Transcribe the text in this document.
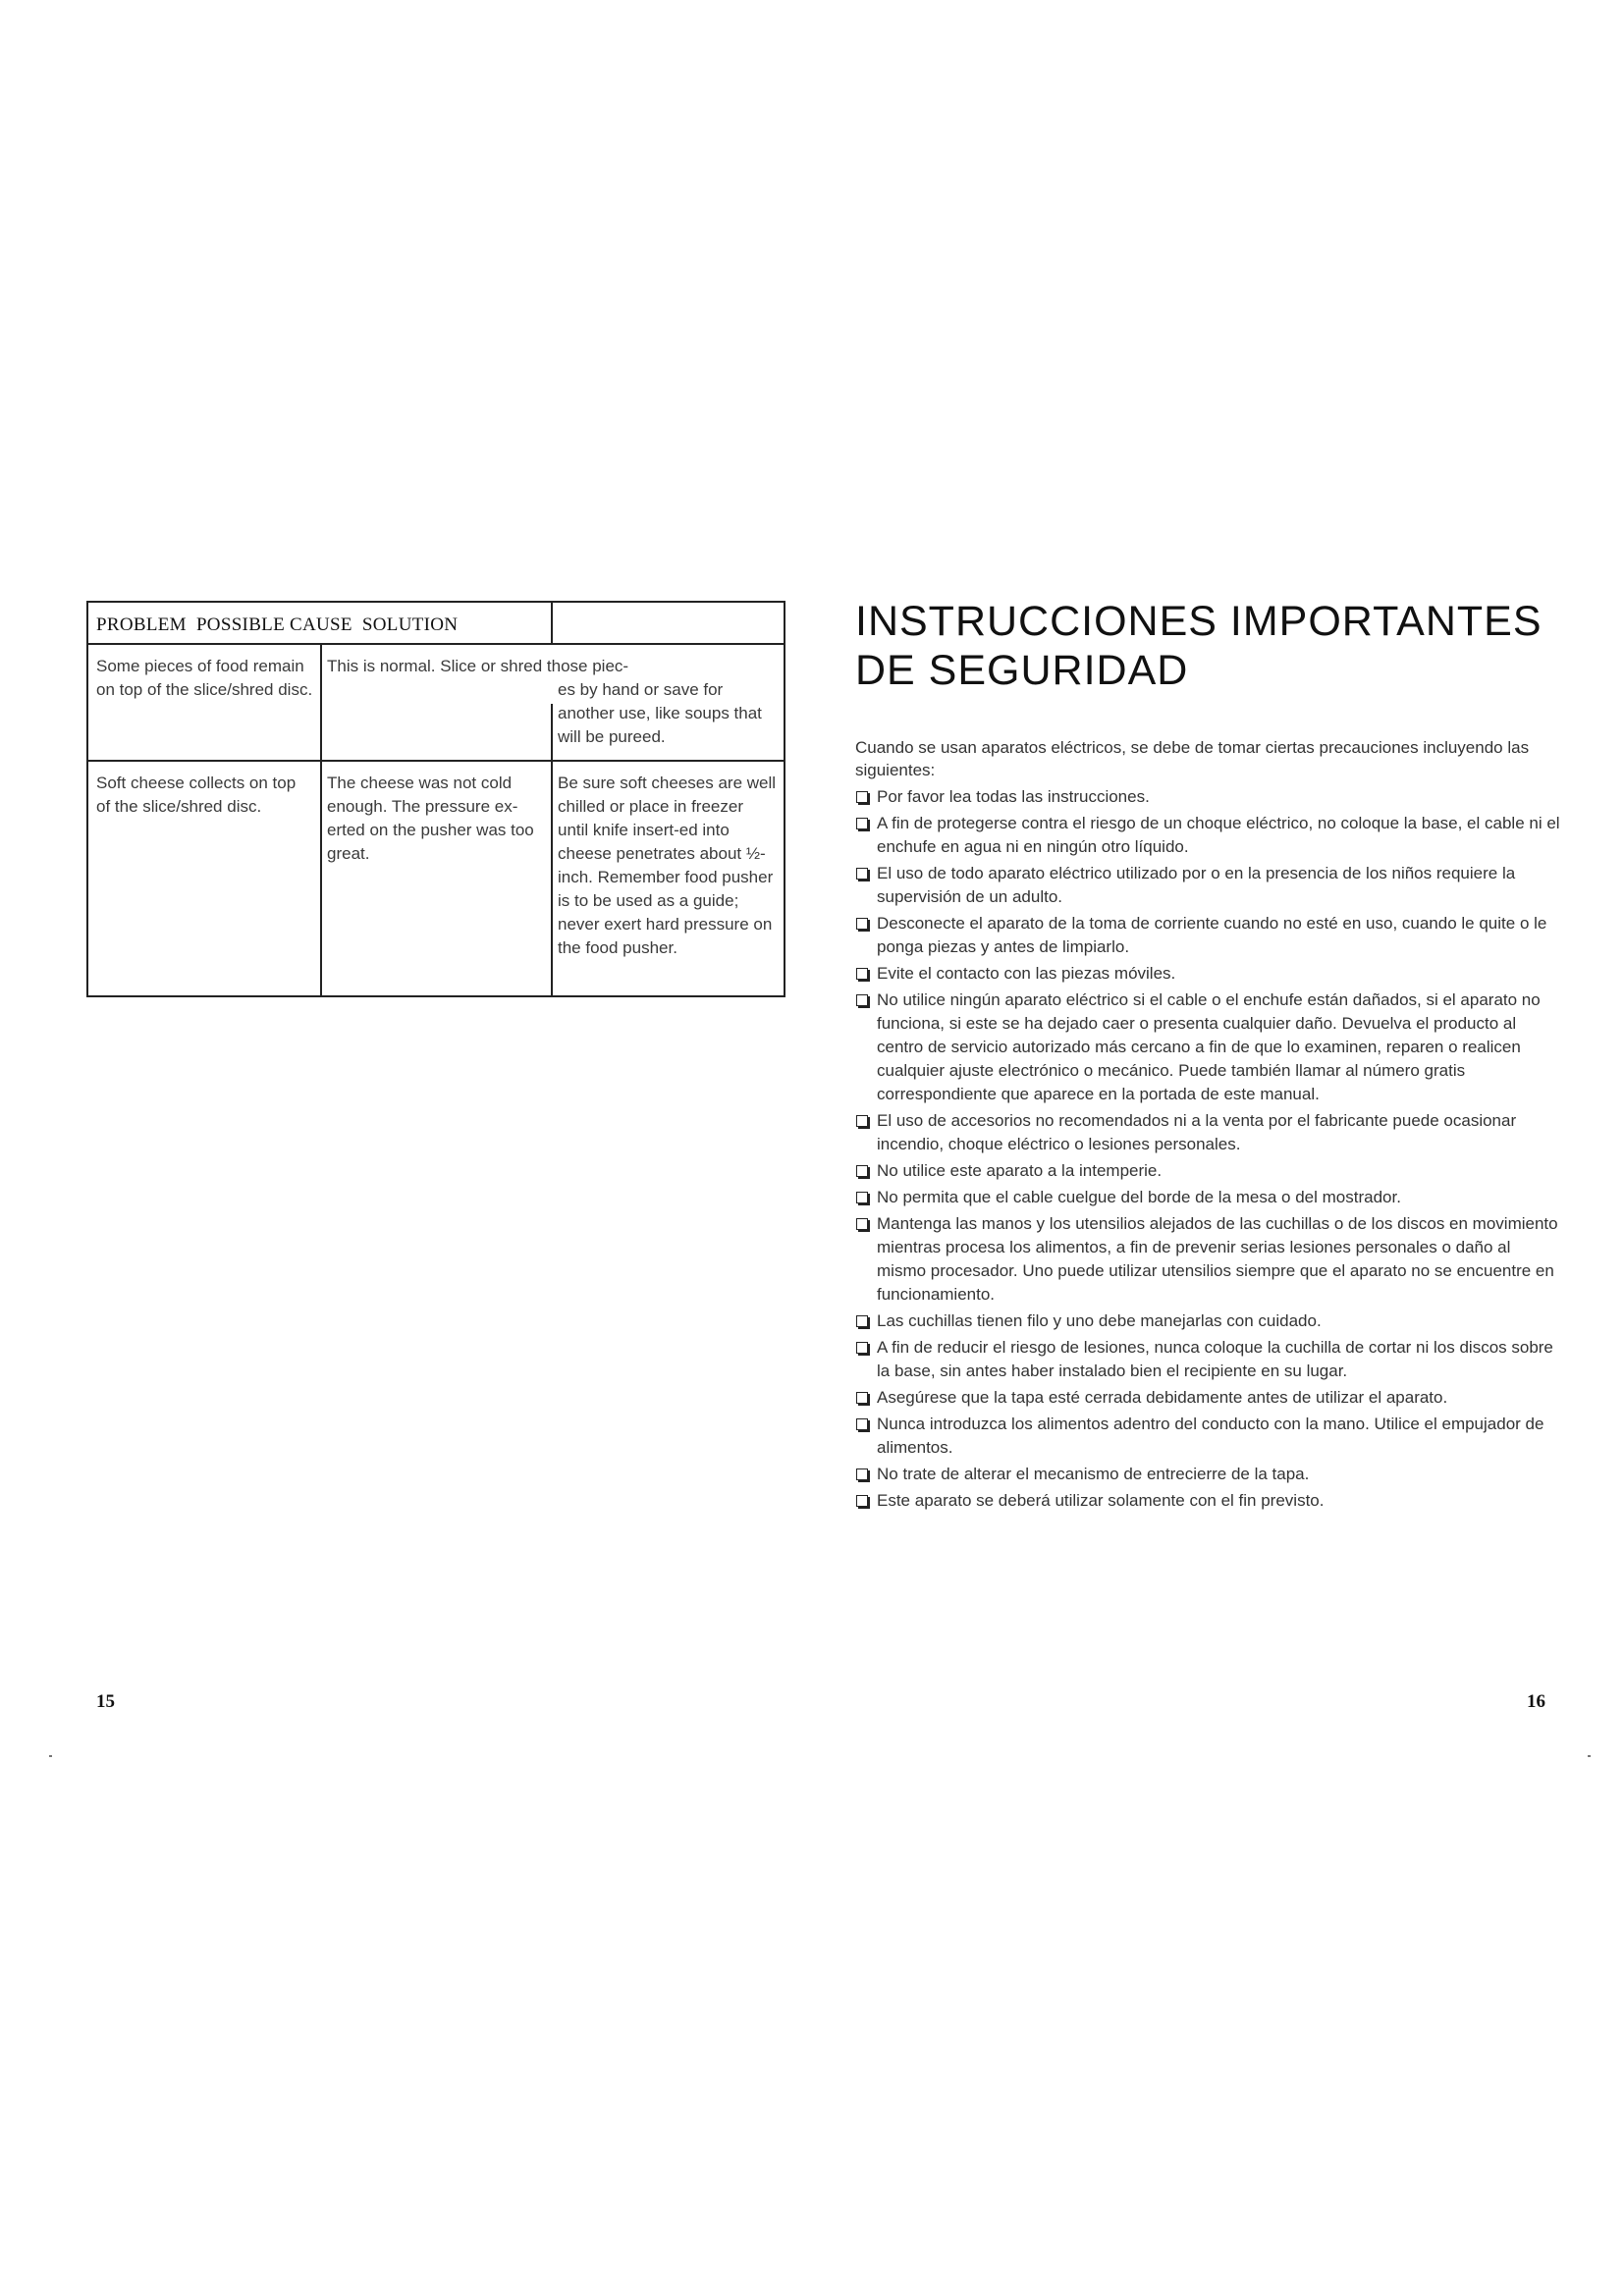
PROBLEM  POSSIBLE CAUSE  SOLUTION
Some pieces of food remain on top of the slice/shred disc.
This is normal. Slice or shred those piec-
es by hand or save for another use, like soups that will be pureed.
Soft cheese collects on top of the slice/shred disc.
The cheese was not cold enough. The pressure ex-erted on the pusher was too great.
Be sure soft cheeses are well chilled or place in freezer until knife insert-ed into cheese penetrates about ½-inch. Remember food pusher is to be used as a guide; never exert hard pressure on the food pusher.
15
INSTRUCCIONES IMPORTANTES
DE SEGURIDAD
Cuando se usan aparatos eléctricos, se debe de tomar ciertas precauciones incluyendo las siguientes:
Por favor lea todas las instrucciones.
A fin de protegerse contra el riesgo de un choque eléctrico, no coloque la base, el cable ni el enchufe en agua ni en ningún otro líquido.
El uso de todo aparato eléctrico utilizado por o en la presencia de los niños requiere la supervisión de un adulto.
Desconecte el aparato de la toma de corriente cuando no esté en uso, cuando le quite o le ponga piezas y antes de limpiarlo.
Evite el contacto con las piezas móviles.
No utilice ningún aparato eléctrico si el cable o el enchufe están dañados, si el aparato no funciona, si este se ha dejado caer o presenta cualquier daño. Devuelva el producto al centro de servicio autorizado más cercano a fin de que lo examinen, reparen o realicen cualquier ajuste electrónico o mecánico. Puede también llamar al número gratis correspondiente que aparece en la portada de este manual.
El uso de accesorios no recomendados ni a la venta por el fabricante puede ocasionar incendio, choque eléctrico o lesiones personales.
No utilice este aparato a la intemperie.
No permita que el cable cuelgue del borde de la mesa o del mostrador.
Mantenga las manos y los utensilios alejados de las cuchillas o de los discos en movimiento mientras procesa los alimentos, a fin de prevenir serias lesiones personales o daño al mismo procesador. Uno puede utilizar utensilios siempre que el aparato no se encuentre en funcionamiento.
Las cuchillas tienen filo y uno debe manejarlas con cuidado.
A fin de reducir el riesgo de lesiones, nunca coloque la cuchilla de cortar ni los discos sobre la base, sin antes haber instalado bien el recipiente en su lugar.
Asegúrese que la tapa esté cerrada debidamente antes de utilizar el aparato.
Nunca introduzca los alimentos adentro del conducto con la mano. Utilice el empujador de alimentos.
No trate de alterar el mecanismo de entrecierre de la tapa.
Este aparato se deberá utilizar solamente con el fin previsto.
16
